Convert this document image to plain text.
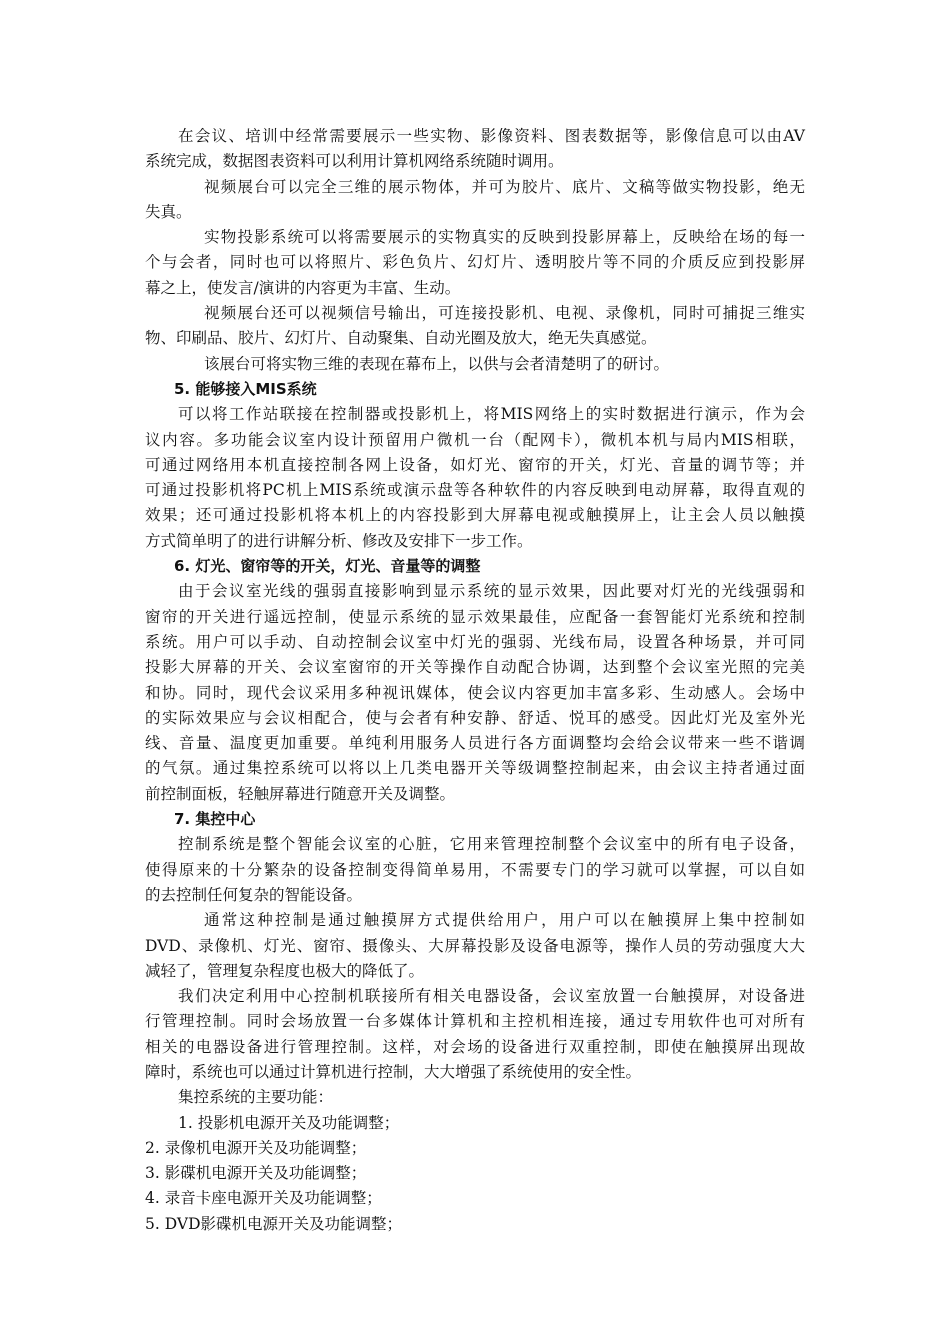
在会议、培训中经常需要展示一些实物、影像资料、图表数据等，影像信息可以由AV
系统完成，数据图表资料可以利用计算机网络系统随时调用。
视频展台可以完全三维的展示物体，并可为胶片、底片、文稿等做实物投影，绝无
失真。
实物投影系统可以将需要展示的实物真实的反映到投影屏幕上，反映给在场的每一
个与会者，同时也可以将照片、彩色负片、幻灯片、透明胶片等不同的介质反应到投影屏
幕之上，使发言/演讲的内容更为丰富、生动。
视频展台还可以视频信号输出，可连接投影机、电视、录像机，同时可捕捉三维实
物、印刷品、胶片、幻灯片、自动聚集、自动光圈及放大，绝无失真感觉。
该展台可将实物三维的表现在幕布上，以供与会者清楚明了的研讨。
5. 能够接入MIS系统
可以将工作站联接在控制器或投影机上，将MIS网络上的实时数据进行演示，作为会
议内容。多功能会议室内设计预留用户微机一台（配网卡），微机本机与局内MIS相联，
可通过网络用本机直接控制各网上设备，如灯光、窗帘的开关，灯光、音量的调节等；并
可通过投影机将PC机上MIS系统或演示盘等各种软件的内容反映到电动屏幕，取得直观的
效果；还可通过投影机将本机上的内容投影到大屏幕电视或触摸屏上，让主会人员以触摸
方式简单明了的进行讲解分析、修改及安排下一步工作。
6. 灯光、窗帘等的开关，灯光、音量等的调整
由于会议室光线的强弱直接影响到显示系统的显示效果，因此要对灯光的光线强弱和
窗帘的开关进行遥远控制，使显示系统的显示效果最佳，应配备一套智能灯光系统和控制
系统。用户可以手动、自动控制会议室中灯光的强弱、光线布局，设置各种场景，并可同
投影大屏幕的开关、会议室窗帘的开关等操作自动配合协调，达到整个会议室光照的完美
和协。同时，现代会议采用多种视讯媒体，使会议内容更加丰富多彩、生动感人。会场中
的实际效果应与会议相配合，使与会者有种安静、舒适、悦耳的感受。因此灯光及室外光
线、音量、温度更加重要。单纯利用服务人员进行各方面调整均会给会议带来一些不谐调
的气氛。通过集控系统可以将以上几类电器开关等级调整控制起来，由会议主持者通过面
前控制面板，轻触屏幕进行随意开关及调整。
7. 集控中心
控制系统是整个智能会议室的心脏，它用来管理控制整个会议室中的所有电子设备，
使得原来的十分繁杂的设备控制变得简单易用，不需要专门的学习就可以掌握，可以自如
的去控制任何复杂的智能设备。
通常这种控制是通过触摸屏方式提供给用户，用户可以在触摸屏上集中控制如
DVD、录像机、灯光、窗帘、摄像头、大屏幕投影及设备电源等，操作人员的劳动强度大大
减轻了，管理复杂程度也极大的降低了。
我们决定利用中心控制机联接所有相关电器设备，会议室放置一台触摸屏，对设备进
行管理控制。同时会场放置一台多媒体计算机和主控机相连接，通过专用软件也可对所有
相关的电器设备进行管理控制。这样，对会场的设备进行双重控制，即使在触摸屏出现故
障时，系统也可以通过计算机进行控制，大大增强了系统使用的安全性。
集控系统的主要功能：
1. 投影机电源开关及功能调整；
2. 录像机电源开关及功能调整；
3. 影碟机电源开关及功能调整；
4. 录音卡座电源开关及功能调整；
5. DVD影碟机电源开关及功能调整；
